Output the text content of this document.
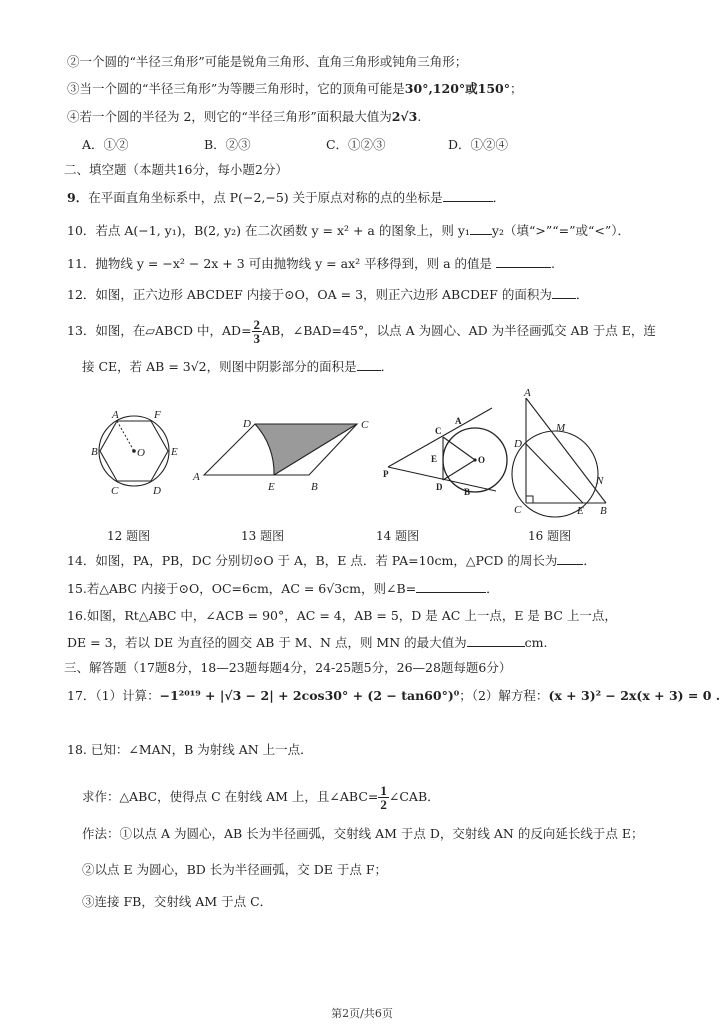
②一个圆的“半径三角形”可能是锐角三角形、直角三角形或钝角三角形；
③当一个圆的“半径三角形”为等腰三角形时，它的顶角可能是30°,120°或150°；
④若一个圆的半径为 2，则它的“半径三角形”面积最大值为2√3.
A．①②	B．②③	C．①②③	D．①②④
二、填空题（本题共16分，每小题2分）
9．在平面直角坐标系中，点 P(−2,−5) 关于原点对称的点的坐标是	．
10．若点 A(−1, y₁)，B(2, y₂) 在二次函数 y = x² + a 的图象上，则 y₁ y₂（填“>”“=”或“<”）．
11．抛物线 y = −x² − 2x + 3 可由抛物线 y = ax² 平移得到，则 a 的值是	.
12．如图，正六边形 ABCDEF 内接于⊙O，OA = 3，则正六边形 ABCDEF 的面积为 ．
13．如图，在▱ABCD 中，$AD= \frac{2}{3}$ AB，∠BAD=45°，以点 A 为圆心、AD 为半径画弧交 AB 于点 E，连
接 CE，若 AB = 3√2，则图中阴影部分的面积是 ．
A	F
B	E
O
C	D
D	C
A
E	B
C
A
E	O
P
D B
A
M
D
N
C	E B
12 题图	13 题图	14 题图	16 题图
14．如图，PA，PB，DC 分别切⊙O 于 A，B，E 点．若 PA=10cm，△PCD 的周长为 ．
15.若△ABC 内接于⊙O，OC=6cm，AC = 6√3cm，则∠B=	．
16.如图，Rt△ABC 中，∠ACB = 90°，AC = 4，AB = 5，D 是 AC 上一点，E 是 BC 上一点，
DE = 3，若以 DE 为直径的圆交 AB 于 M、N 点，则 MN 的最大值为	cm.
三、解答题（17题8分，18—23题每题4分，24-25题5分，26—28题每题6分）
17．（1）计算：−1²⁰¹⁹ + |√3 − 2| + 2cos30° + (2 − tan60°)⁰；（2）解方程：(x + 3)² − 2x(x + 3) = 0 .
18. 已知：∠MAN，B 为射线 AN 上一点．
求作：△ABC，使得点 C 在射线 AM 上，且∠ABC= $\frac{1}{2}$ ∠CAB．
作法：①以点 A 为圆心，AB 长为半径画弧，交射线 AM 于点 D，交射线 AN 的反向延长线于点 E；
②以点 E 为圆心，BD 长为半径画弧，交 DE 于点 F；
③连接 FB，交射线 AM 于点 C．
第2页/共6页
